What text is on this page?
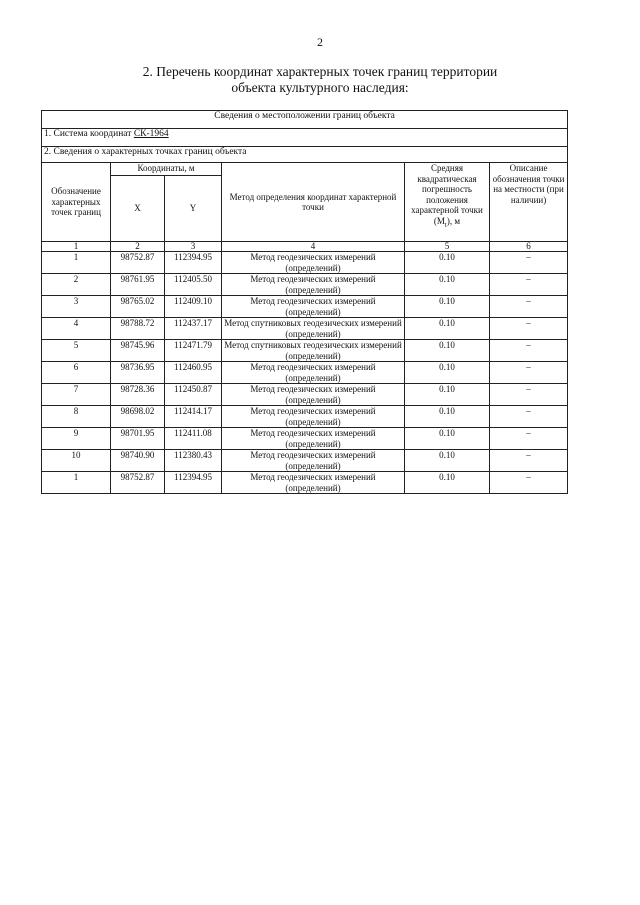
2
2. Перечень координат характерных точек границ территории
объекта культурного наследия:
Сведения о местоположении границ объекта					
1. Система координат СК-1964					
2. Сведения о характерных точках границ объекта					
Обозначение характерных точек границ	Координаты, м		Метод определения координат характерной точки	Средняя квадратическая погрешность положения характерной точки $(M_t)$, м	Описание обозначения точки на местности (при наличии)
	X	Y			
1	2	3	4	5	6
1	98752.87	112394.95	Метод геодезических измерений (определений)	0.10	–
2	98761.95	112405.50	Метод геодезических измерений (определений)	0.10	–
3	98765.02	112409.10	Метод геодезических измерений (определений)	0.10	–
4	98788.72	112437.17	Метод спутниковых геодезических измерений (определений)	0.10	–
5	98745.96	112471.79	Метод спутниковых геодезических измерений (определений)	0.10	–
6	98736.95	112460.95	Метод геодезических измерений (определений)	0.10	–
7	98728.36	112450.87	Метод геодезических измерений (определений)	0.10	–
8	98698.02	112414.17	Метод геодезических измерений (определений)	0.10	–
9	98701.95	112411.08	Метод геодезических измерений (определений)	0.10	–
10	98740.90	112380.43	Метод геодезических измерений (определений)	0.10	–
1	98752.87	112394.95	Метод геодезических измерений (определений)	0.10	–
